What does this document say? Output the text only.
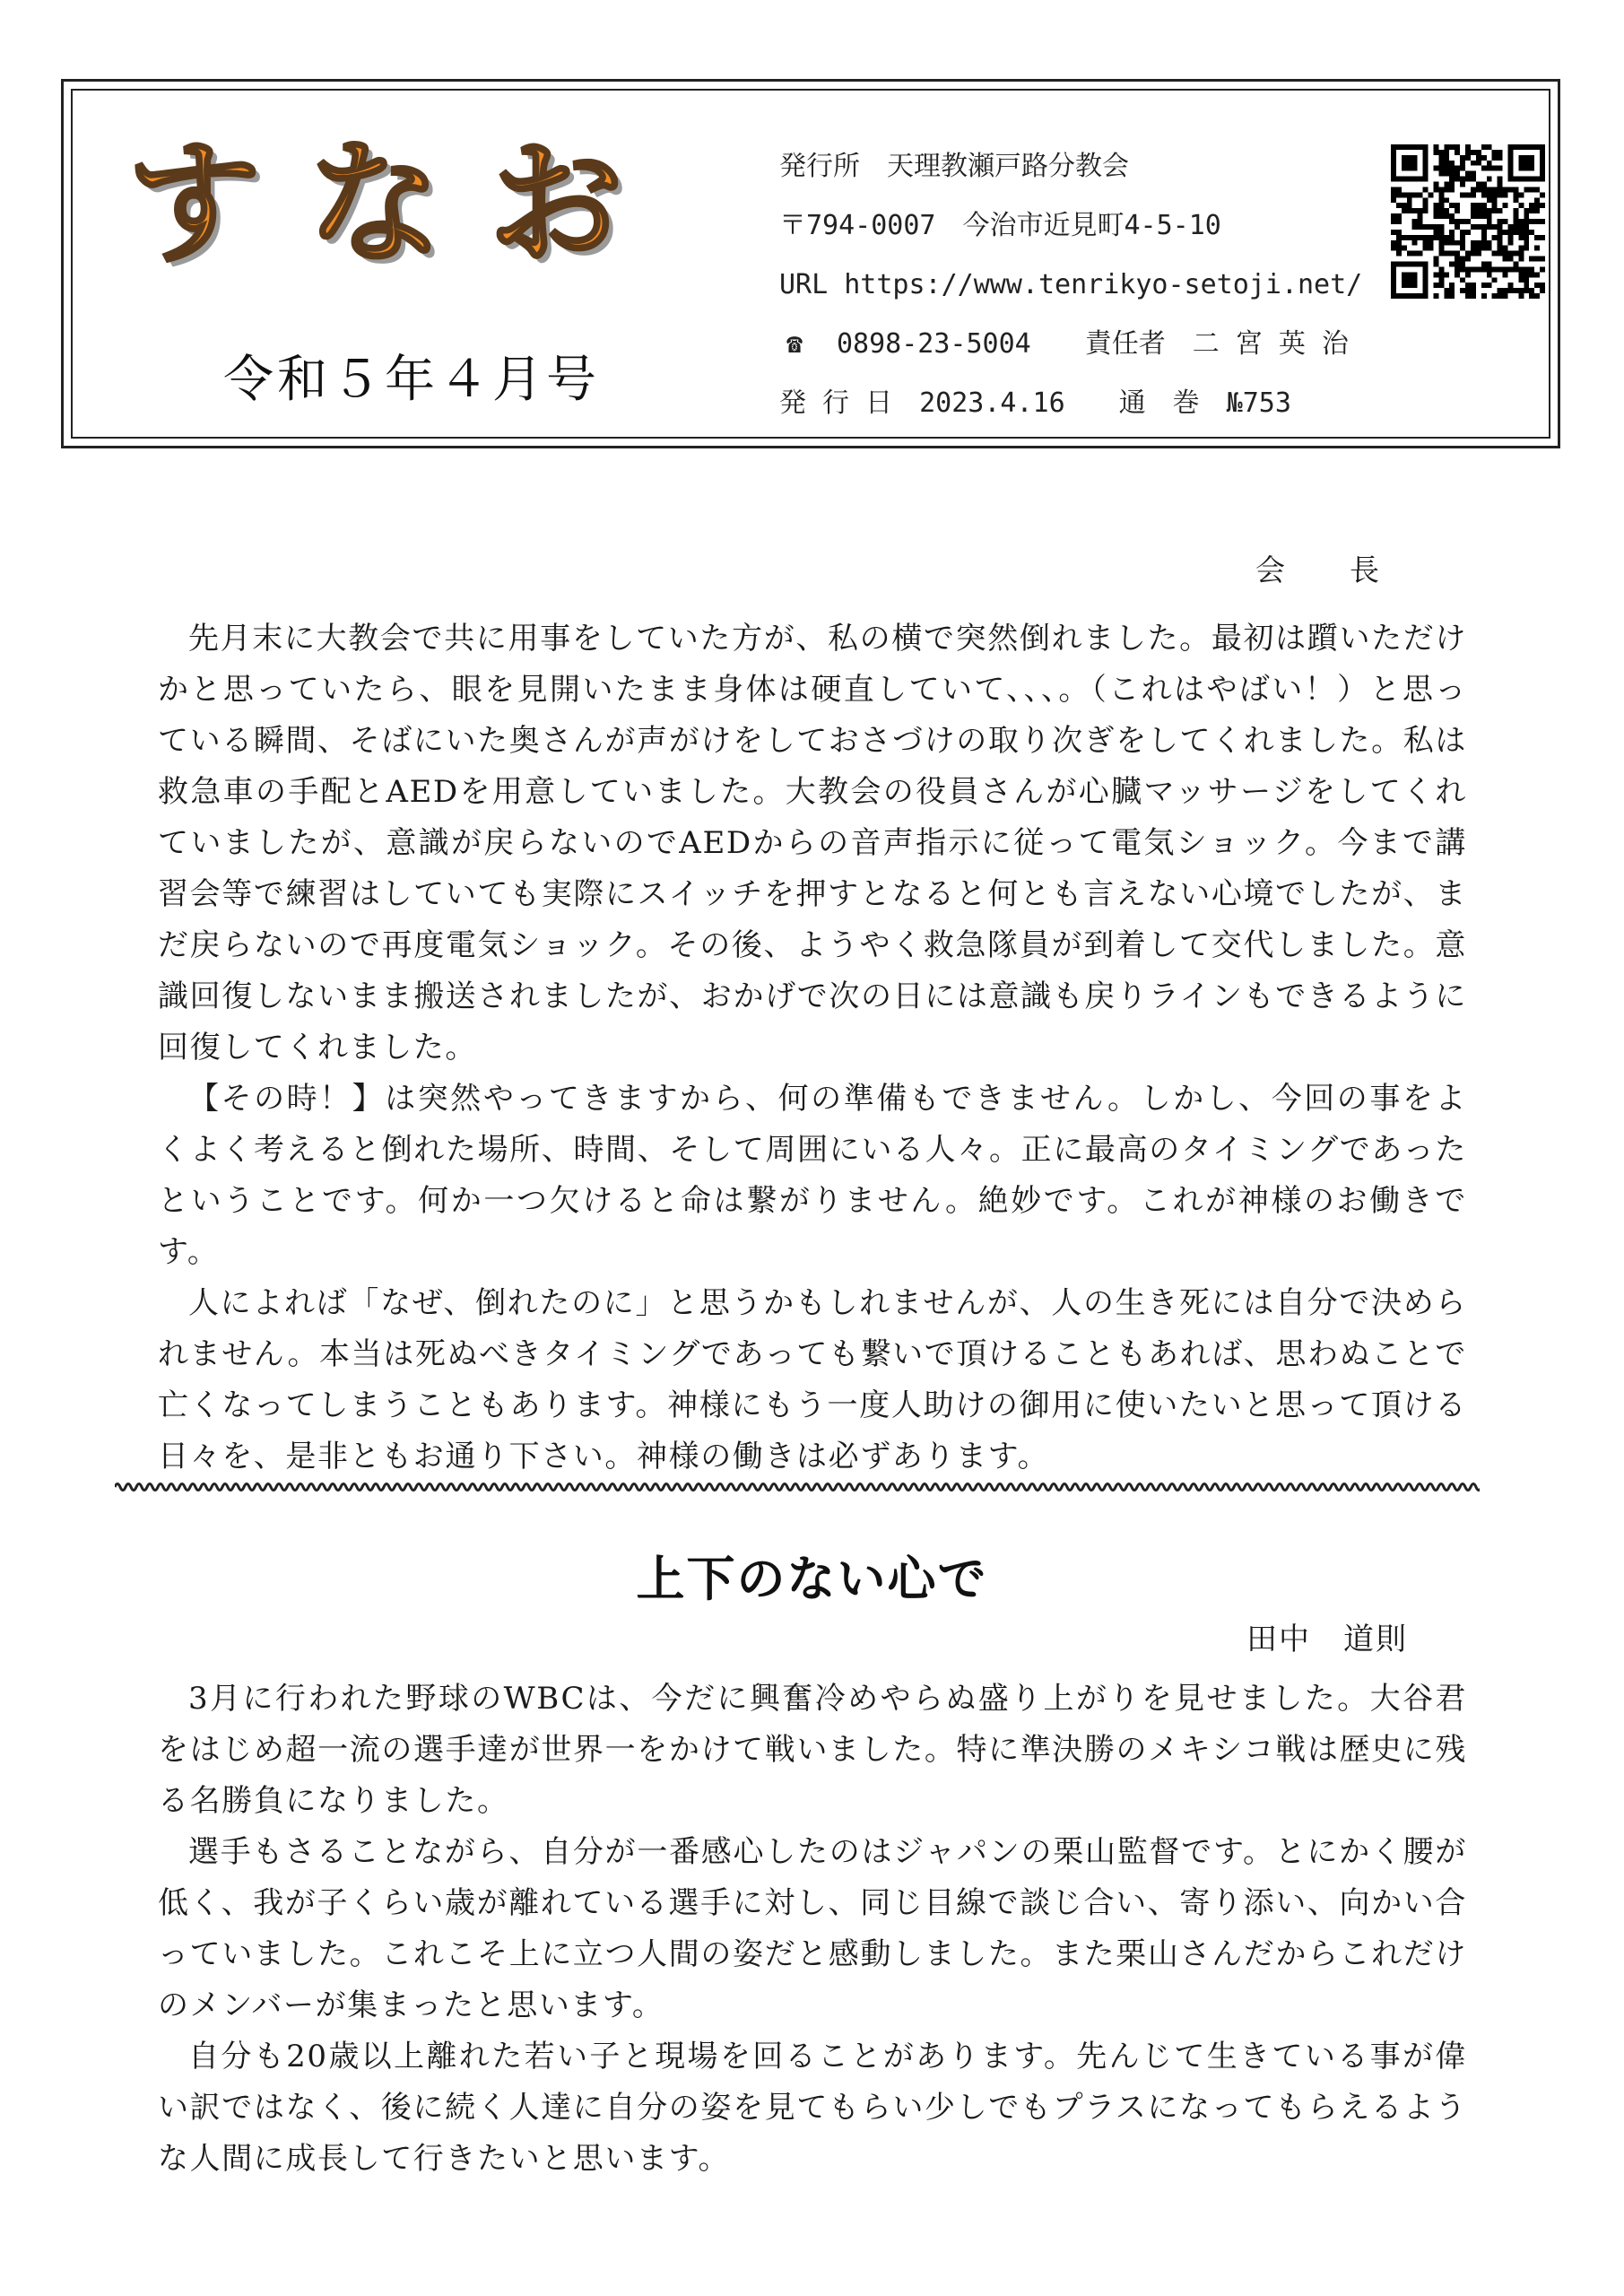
すなお
令和５年４月号
発行所　天理教瀬戸路分教会
〒794-0007　今治市近見町4-5-10
URL https://www.tenrikyo-setoji.net/
☎ 0898-23-5004　　責任者　二 宮 英 治
発 行 日　2023.4.16　　通　巻　№753
会　　長

先月末に大教会で共に用事をしていた方が、私の横で突然倒れました。最初は躓いただけかと思っていたら、眼を見開いたまま身体は硬直していて、、、。（これはやばい！）と思っている瞬間、そばにいた奥さんが声がけをしておさづけの取り次ぎをしてくれました。私は救急車の手配とAEDを用意していました。大教会の役員さんが心臓マッサージをしてくれていましたが、意識が戻らないのでAEDからの音声指示に従って電気ショック。今まで講習会等で練習はしていても実際にスイッチを押すとなると何とも言えない心境でしたが、まだ戻らないので再度電気ショック。その後、ようやく救急隊員が到着して交代しました。意識回復しないまま搬送されましたが、おかげで次の日には意識も戻りラインもできるように回復してくれました。

【その時！】は突然やってきますから、何の準備もできません。しかし、今回の事をよくよく考えると倒れた場所、時間、そして周囲にいる人々。正に最高のタイミングであったということです。何か一つ欠けると命は繋がりません。絶妙です。これが神様のお働きです。

人によれば「なぜ、倒れたのに」と思うかもしれませんが、人の生き死には自分で決められません。本当は死ぬべきタイミングであっても繋いで頂けることもあれば、思わぬことで亡くなってしまうこともあります。神様にもう一度人助けの御用に使いたいと思って頂ける日々を、是非ともお通り下さい。神様の働きは必ずあります。

上下のない心で
田中　道則

3月に行われた野球のWBCは、今だに興奮冷めやらぬ盛り上がりを見せました。大谷君をはじめ超一流の選手達が世界一をかけて戦いました。特に準決勝のメキシコ戦は歴史に残る名勝負になりました。

選手もさることながら、自分が一番感心したのはジャパンの栗山監督です。とにかく腰が低く、我が子くらい歳が離れている選手に対し、同じ目線で談じ合い、寄り添い、向かい合っていました。これこそ上に立つ人間の姿だと感動しました。また栗山さんだからこれだけのメンバーが集まったと思います。

自分も20歳以上離れた若い子と現場を回ることがあります。先んじて生きている事が偉い訳ではなく、後に続く人達に自分の姿を見てもらい少しでもプラスになってもらえるような人間に成長して行きたいと思います。
